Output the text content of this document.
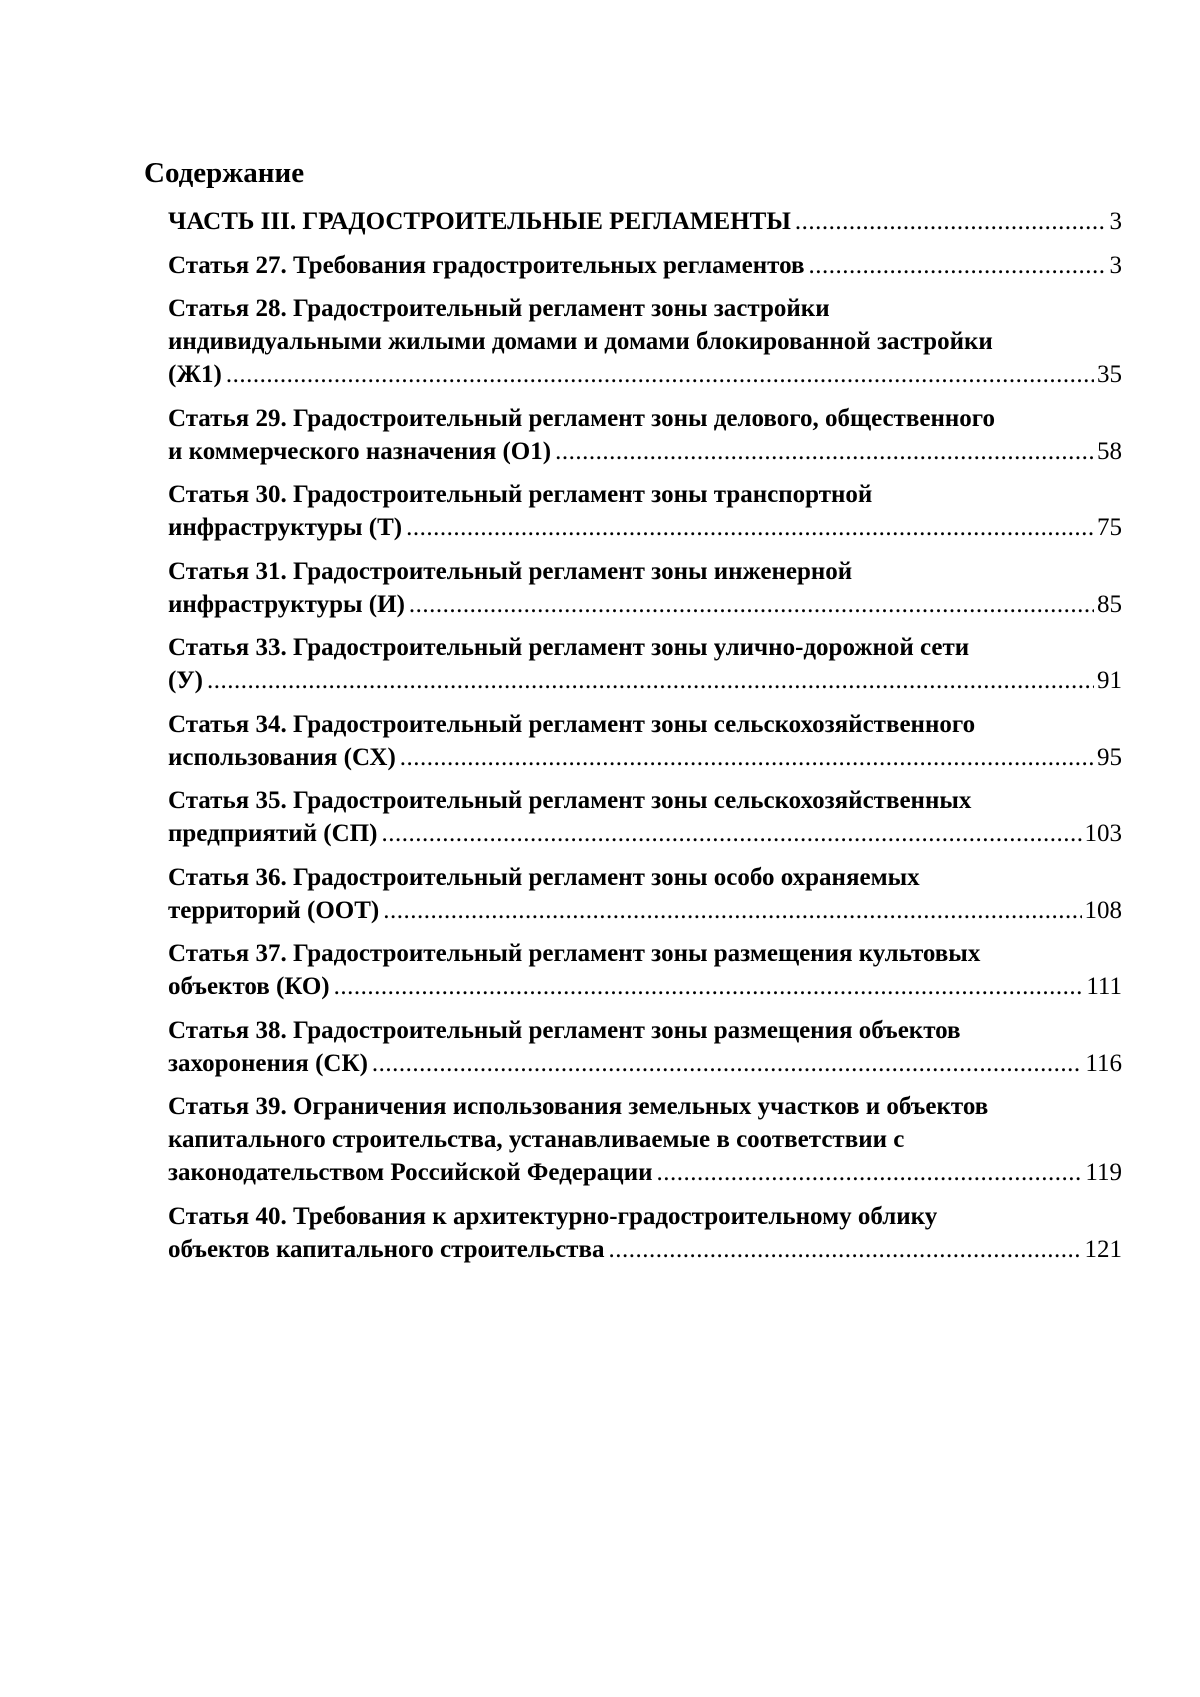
Содержание
ЧАСТЬ III. ГРАДОСТРОИТЕЛЬНЫЕ РЕГЛАМЕНТЫ .....	3
Статья 27. Требования градостроительных регламентов .....	3
Статья 28. Градостроительный регламент зоны застройки
индивидуальными жилыми домами и домами блокированной застройки
(Ж1) .....	35
Статья 29. Градостроительный регламент зоны делового, общественного
и коммерческого назначения (О1) .....	58
Статья 30. Градостроительный регламент зоны транспортной
инфраструктуры (Т) .....	75
Статья 31. Градостроительный регламент зоны инженерной
инфраструктуры (И) .....	85
Статья 33. Градостроительный регламент зоны улично-дорожной сети
(У) .....	91
Статья 34. Градостроительный регламент зоны сельскохозяйственного
использования (СХ) .....	95
Статья 35. Градостроительный регламент зоны сельскохозяйственных
предприятий (СП) .....	103
Статья 36. Градостроительный регламент зоны особо охраняемых
территорий (ООТ) .....	108
Статья 37. Градостроительный регламент зоны размещения культовых
объектов (КО) .....	111
Статья 38. Градостроительный регламент зоны размещения объектов
захоронения (СК) .....	116
Статья 39. Ограничения использования земельных участков и объектов
капитального строительства, устанавливаемые в соответствии с
законодательством Российской Федерации .....	119
Статья 40. Требования к архитектурно-градостроительному облику
объектов капитального строительства .....	121
